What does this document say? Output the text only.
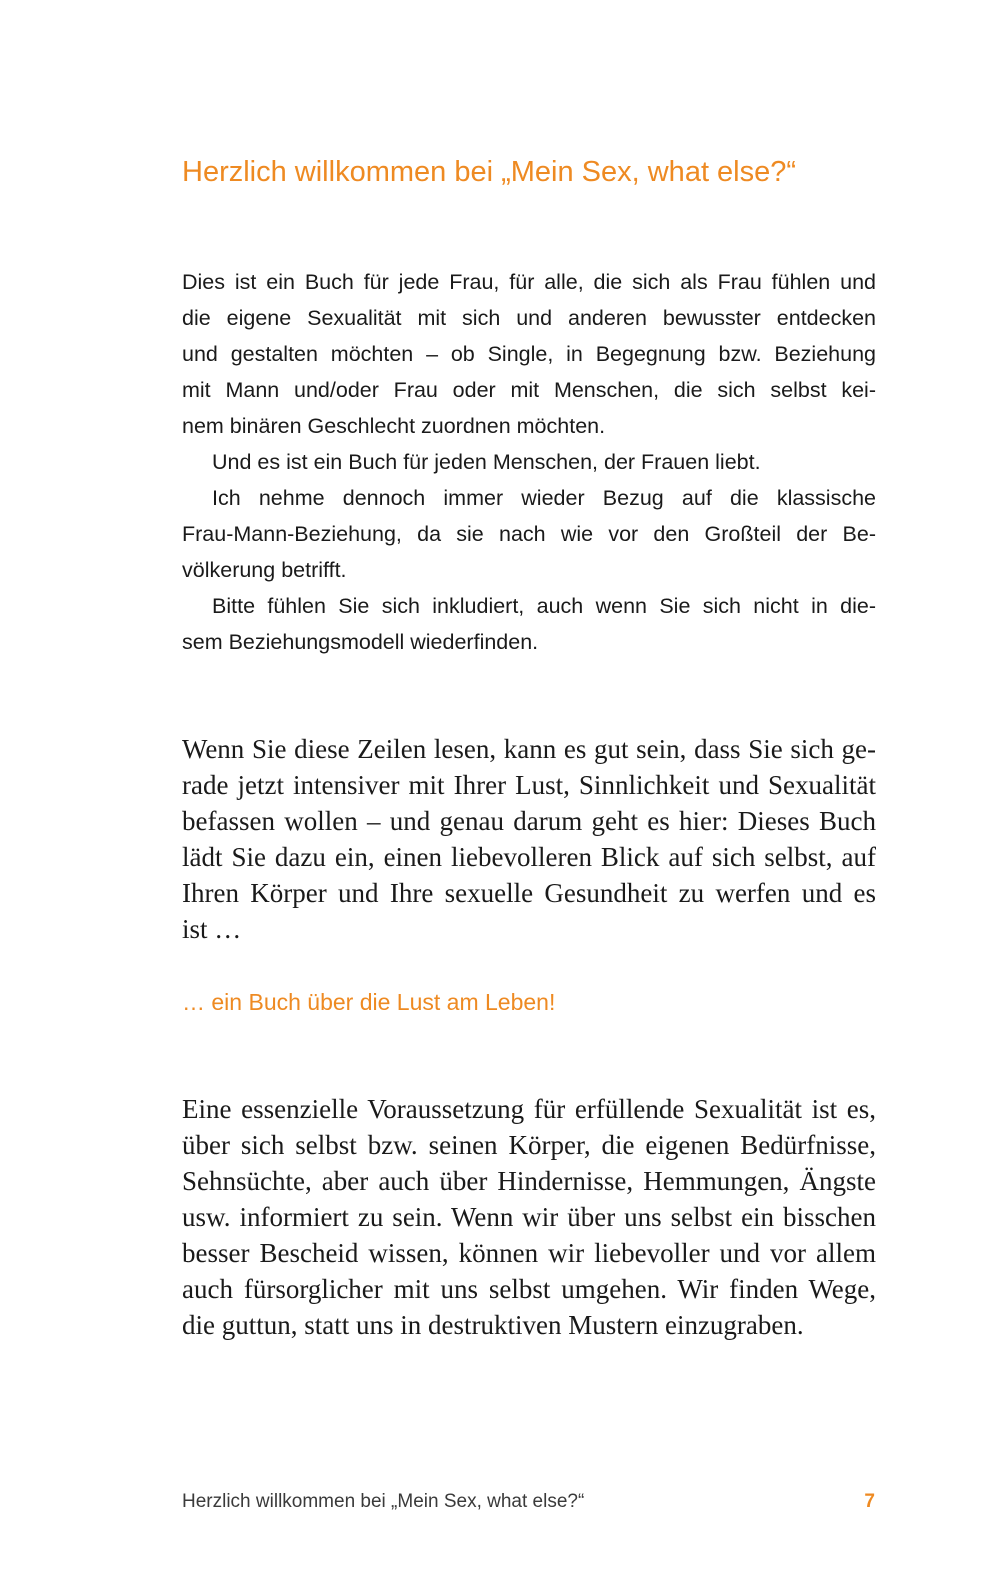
Herzlich willkommen bei „Mein Sex, what else?“

Dies ist ein Buch für jede Frau, für alle, die sich als Frau fühlen und
die eigene Sexualität mit sich und anderen bewusster entdecken
und gestalten möchten – ob Single, in Begegnung bzw. Beziehung
mit Mann und/oder Frau oder mit Menschen, die sich selbst kei-
nem binären Geschlecht zuordnen möchten.

Und es ist ein Buch für jeden Menschen, der Frauen liebt.

Ich nehme dennoch immer wieder Bezug auf die klassische
Frau-Mann-Beziehung, da sie nach wie vor den Großteil der Be-
völkerung betrifft.

Bitte fühlen Sie sich inkludiert, auch wenn Sie sich nicht in die-
sem Beziehungsmodell wiederfinden.

Wenn Sie diese Zeilen lesen, kann es gut sein, dass Sie sich ge-
rade jetzt intensiver mit Ihrer Lust, Sinnlichkeit und Sexualität
befassen wollen – und genau darum geht es hier: Dieses Buch
lädt Sie dazu ein, einen liebevolleren Blick auf sich selbst, auf
Ihren Körper und Ihre sexuelle Gesundheit zu werfen und es
ist …

… ein Buch über die Lust am Leben!

Eine essenzielle Voraussetzung für erfüllende Sexualität ist es,
über sich selbst bzw. seinen Körper, die eigenen Bedürfnisse,
Sehnsüchte, aber auch über Hindernisse, Hemmungen, Ängste
usw. informiert zu sein. Wenn wir über uns selbst ein bisschen
besser Bescheid wissen, können wir liebevoller und vor allem
auch fürsorglicher mit uns selbst umgehen. Wir finden Wege,
die guttun, statt uns in destruktiven Mustern einzugraben.

Herzlich willkommen bei „Mein Sex, what else?“	7
